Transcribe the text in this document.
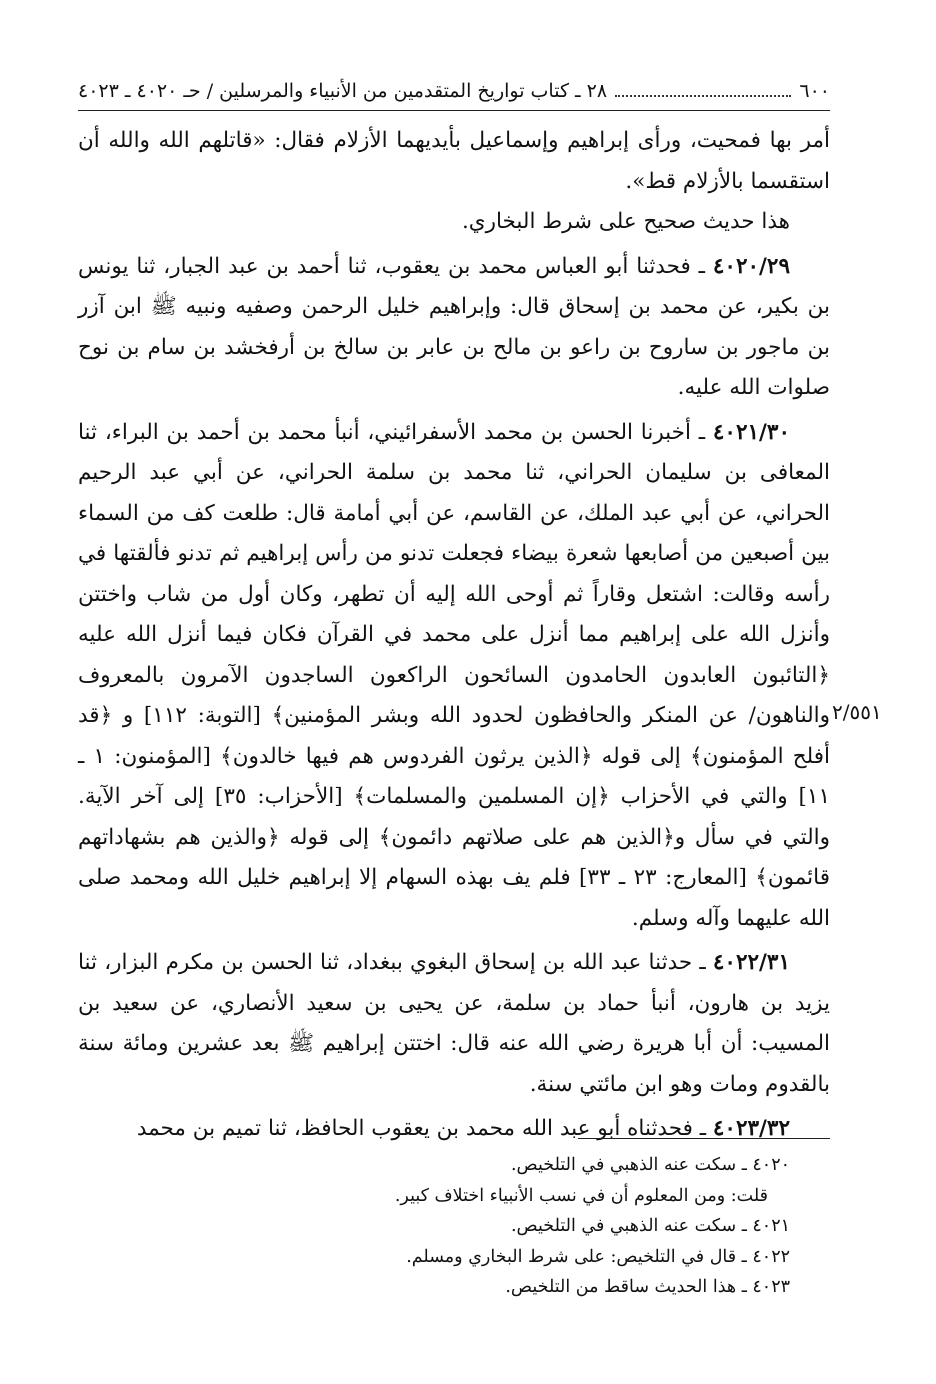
٦٠٠
٢٨ ـ كتاب تواريخ المتقدمين من الأنبياء والمرسلين / حـ ٤٠٢٠ ـ ٤٠٢٣

أمر بها فمحيت، ورأى إبراهيم وإسماعيل بأيديهما الأزلام فقال: «قاتلهم الله والله أن استقسما بالأزلام قط».

هذا حديث صحيح على شرط البخاري.

٤٠٢٠/٢٩ ـ فحدثنا أبو العباس محمد بن يعقوب، ثنا أحمد بن عبد الجبار، ثنا يونس بن بكير، عن محمد بن إسحاق قال: وإبراهيم خليل الرحمن وصفيه ونبيه ﷺ ابن آزر بن ماجور بن ساروح بن راعو بن مالح بن عابر بن سالخ بن أرفخشد بن سام بن نوح صلوات الله عليه.

٤٠٢١/٣٠ ـ أخبرنا الحسن بن محمد الأسفرائيني، أنبأ محمد بن أحمد بن البراء، ثنا المعافى بن سليمان الحراني، ثنا محمد بن سلمة الحراني، عن أبي عبد الرحيم الحراني، عن أبي عبد الملك، عن القاسم، عن أبي أمامة قال: طلعت كف من السماء بين أصبعين من أصابعها شعرة بيضاء فجعلت تدنو من رأس إبراهيم ثم تدنو فألقتها في رأسه وقالت: اشتعل وقاراً ثم أوحى الله إليه أن تطهر، وكان أول من شاب واختتن وأنزل الله على إبراهيم مما أنزل على محمد في القرآن فكان فيما أنزل الله عليه ﴿التائبون العابدون الحامدون السائحون الراكعون الساجدون الآمرون بالمعروف والناهون/ عن المنكر والحافظون لحدود الله وبشر المؤمنين﴾ [التوبة: ١١٢] و ﴿قد أفلح المؤمنون﴾ إلى قوله ﴿الذين يرثون الفردوس هم فيها خالدون﴾ [المؤمنون: ١ ـ ١١] والتي في الأحزاب ﴿إن المسلمين والمسلمات﴾ [الأحزاب: ٣٥] إلى آخر الآية. والتي في سأل و﴿الذين هم على صلاتهم دائمون﴾ إلى قوله ﴿والذين هم بشهاداتهم قائمون﴾ [المعارج: ٢٣ ـ ٣٣] فلم يف بهذه السهام إلا إبراهيم خليل الله ومحمد صلى الله عليهما وآله وسلم.

٤٠٢٢/٣١ ـ حدثنا عبد الله بن إسحاق البغوي ببغداد، ثنا الحسن بن مكرم البزار، ثنا يزيد بن هارون، أنبأ حماد بن سلمة، عن يحيى بن سعيد الأنصاري، عن سعيد بن المسيب: أن أبا هريرة رضي الله عنه قال: اختتن إبراهيم ﷺ بعد عشرين ومائة سنة بالقدوم ومات وهو ابن مائتي سنة.

٤٠٢٣/٣٢ ـ فحدثناه أبو عبد الله محمد بن يعقوب الحافظ، ثنا تميم بن محمد

٢/٥٥١
٤٠٢٠ ـ سكت عنه الذهبي في التلخيص.
قلت: ومن المعلوم أن في نسب الأنبياء اختلاف كبير.
٤٠٢١ ـ سكت عنه الذهبي في التلخيص.
٤٠٢٢ ـ قال في التلخيص: على شرط البخاري ومسلم.
٤٠٢٣ ـ هذا الحديث ساقط من التلخيص.
